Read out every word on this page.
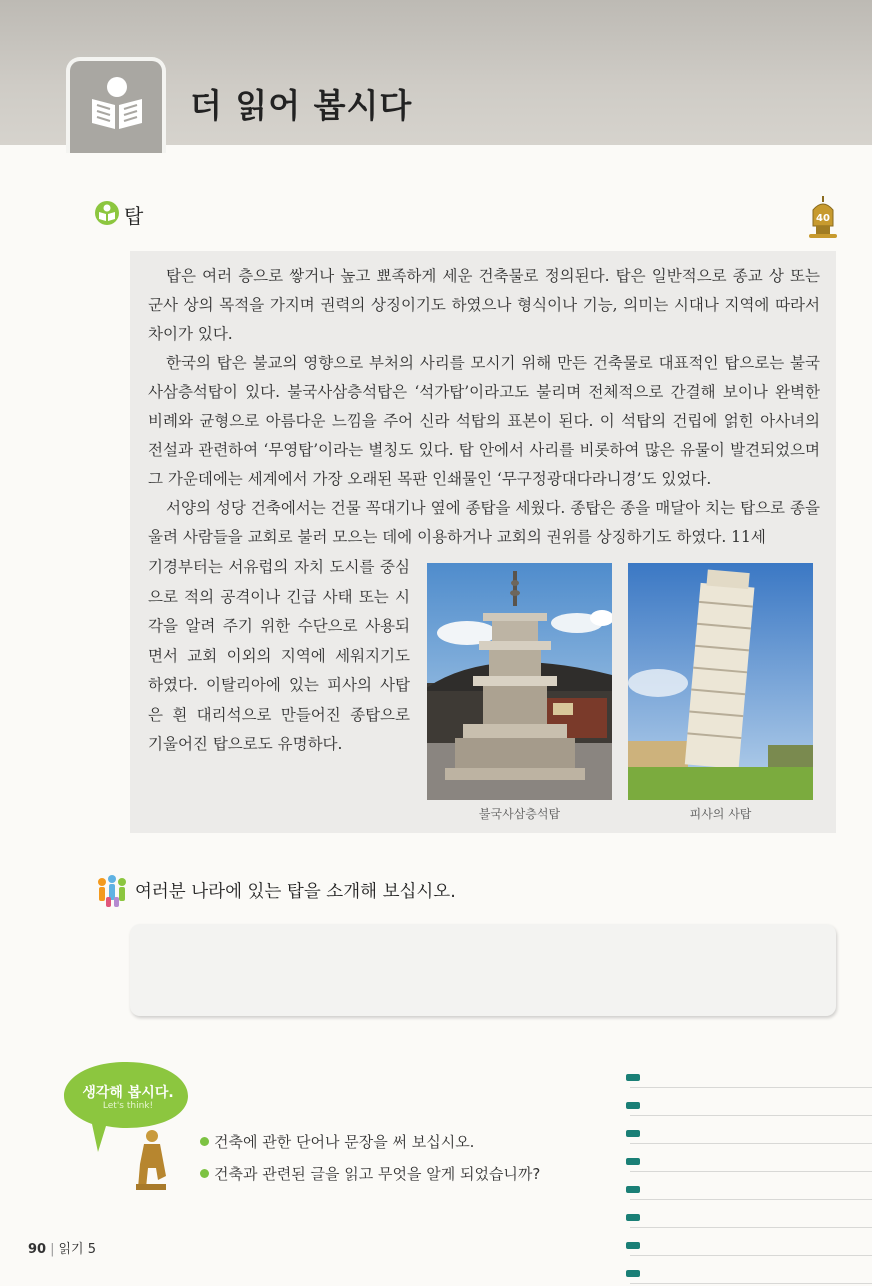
더 읽어 봅시다
탑	40

탑은 여러 층으로 쌓거나 높고 뾰족하게 세운 건축물로 정의된다. 탑은 일반적으로 종교 상 또는 군사 상의 목적을 가지며 권력의 상징이기도 하였으나 형식이나 기능, 의미는 시대나 지역에 따라서 차이가 있다.

한국의 탑은 불교의 영향으로 부처의 사리를 모시기 위해 만든 건축물로 대표적인 탑으로는 불국사삼층석탑이 있다. 불국사삼층석탑은 ‘석가탑’이라고도 불리며 전체적으로 간결해 보이나 완벽한 비례와 균형으로 아름다운 느낌을 주어 신라 석탑의 표본이 된다. 이 석탑의 건립에 얽힌 아사녀의 전설과 관련하여 ‘무영탑’이라는 별칭도 있다. 탑 안에서 사리를 비롯하여 많은 유물이 발견되었으며 그 가운데에는 세계에서 가장 오래된 목판 인쇄물인 ‘무구정광대다라니경’도 있었다.

서양의 성당 건축에서는 건물 꼭대기나 옆에 종탑을 세웠다. 종탑은 종을 매달아 치는 탑으로 종을 울려 사람들을 교회로 불러 모으는 데에 이용하거나 교회의 권위를 상징하기도 하였다. 11세

기경부터는 서유럽의 자치 도시를 중심으로 적의 공격이나 긴급 사태 또는 시각을 알려 주기 위한 수단으로 사용되면서 교회 이외의 지역에 세워지기도 하였다. 이탈리아에 있는 피사의 사탑은 흰 대리석으로 만들어진 종탑으로 기울어진 탑으로도 유명하다.

불국사삼층석탑	피사의 사탑
여러분 나라에 있는 탑을 소개해 보십시오.
생각해 봅시다.
Let's think!
건축에 관한 단어나 문장을 써 보십시오.
건축과 관련된 글을 읽고 무엇을 알게 되었습니까?
90 | 읽기 5
